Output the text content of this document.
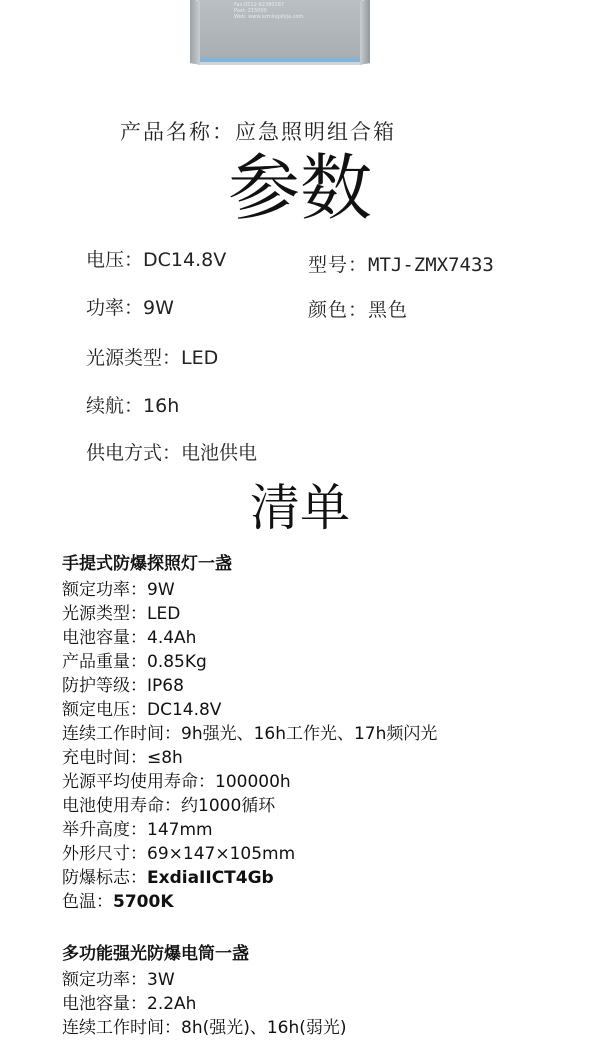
Fax:0512-62380287
Post: 215000
Web: www.szmingshija.com
产品名称：应急照明组合箱
参数
电压：DC14.8V
功率：9W
光源类型：LED
续航：16h
供电方式：电池供电
型号：MTJ-ZMX7433
颜色：黑色
清单
手提式防爆探照灯一盏
额定功率：9W
光源类型：LED
电池容量：4.4Ah
产品重量：0.85Kg
防护等级：IP68
额定电压：DC14.8V
连续工作时间：9h强光、16h工作光、17h频闪光
充电时间：≤8h
光源平均使用寿命：100000h
电池使用寿命：约1000循环
举升高度：147mm
外形尺寸：69×147×105mm
防爆标志：ExdiaIICT4Gb
色温：5700K
多功能强光防爆电筒一盏
额定功率：3W
电池容量：2.2Ah
连续工作时间：8h(强光)、16h(弱光)
